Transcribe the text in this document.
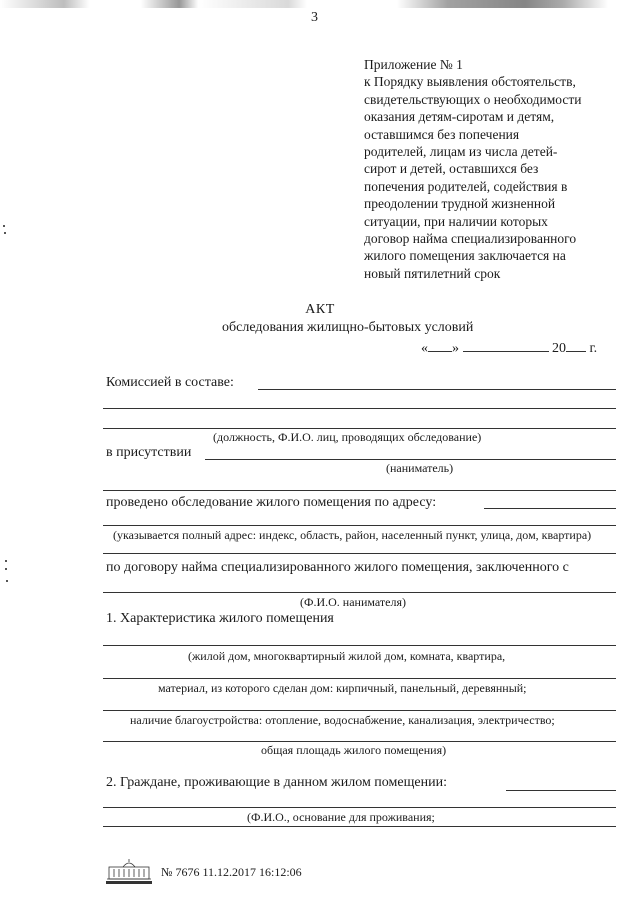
3
Приложение № 1
к Порядку выявления обстоятельств,
свидетельствующих о необходимости
оказания детям-сиротам и детям,
оставшимся без попечения
родителей, лицам из числа детей-
сирот и детей, оставшихся без
попечения родителей, содействия в
преодолении трудной жизненной
ситуации, при наличии которых
договор найма специализированного
жилого помещения заключается на
новый пятилетний срок
АКТ
обследования жилищно-бытовых условий
« »	20 г.
Комиссией в составе:
(должность, Ф.И.О. лиц, проводящих обследование)
в присутствии
(наниматель)
проведено обследование жилого помещения по адресу:
(указывается полный адрес: индекс, область, район, населенный пункт, улица, дом, квартира)
по договору найма специализированного жилого помещения, заключенного с
(Ф.И.О. нанимателя)
1. Характеристика жилого помещения
(жилой дом, многоквартирный жилой дом, комната, квартира,
материал, из которого сделан дом: кирпичный, панельный, деревянный;
наличие благоустройства: отопление, водоснабжение, канализация, электричество;
общая площадь жилого помещения)
2. Граждане, проживающие в данном жилом помещении:
(Ф.И.О., основание для проживания;
№ 7676 11.12.2017 16:12:06
